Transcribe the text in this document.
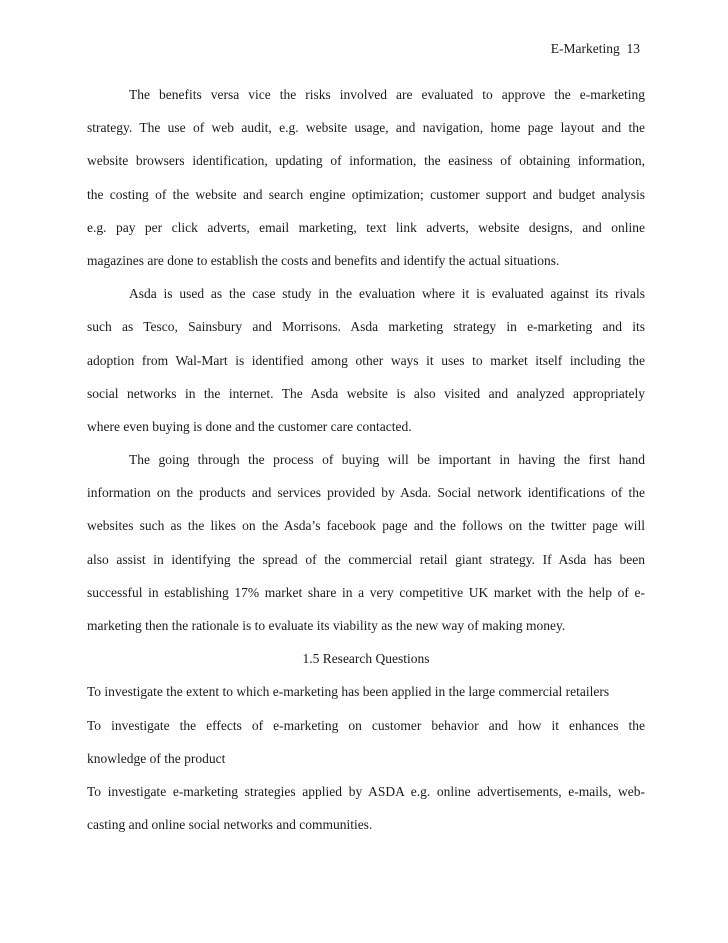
E-Marketing 13
The benefits versa vice the risks involved are evaluated to approve the e-marketing
strategy. The use of web audit, e.g. website usage, and navigation, home page layout and the
website browsers identification, updating of information, the easiness of obtaining information,
the costing of the website and search engine optimization; customer support and budget analysis
e.g. pay per click adverts, email marketing, text link adverts, website designs, and online
magazines are done to establish the costs and benefits and identify the actual situations.
Asda is used as the case study in the evaluation where it is evaluated against its rivals
such as Tesco, Sainsbury and Morrisons. Asda marketing strategy in e-marketing and its
adoption from Wal-Mart is identified among other ways it uses to market itself including the
social networks in the internet. The Asda website is also visited and analyzed appropriately
where even buying is done and the customer care contacted.
The going through the process of buying will be important in having the first hand
information on the products and services provided by Asda. Social network identifications of the
websites such as the likes on the Asda’s facebook page and the follows on the twitter page will
also assist in identifying the spread of the commercial retail giant strategy. If Asda has been
successful in establishing 17% market share in a very competitive UK market with the help of e-
marketing then the rationale is to evaluate its viability as the new way of making money.
1.5 Research Questions
To investigate the extent to which e-marketing has been applied in the large commercial retailers
To investigate the effects of e-marketing on customer behavior and how it enhances the
knowledge of the product
To investigate e-marketing strategies applied by ASDA e.g. online advertisements, e-mails, web-
casting and online social networks and communities.
